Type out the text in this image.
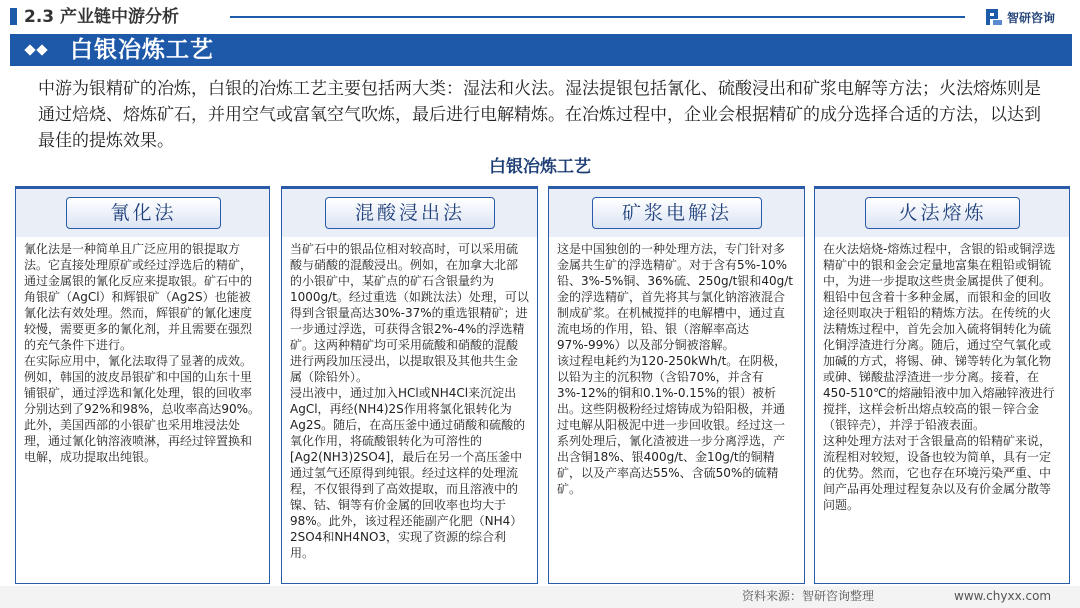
2.3 产业链中游分析	智研咨询
白银冶炼工艺
中游为银精矿的冶炼，白银的冶炼工艺主要包括两大类：湿法和火法。湿法提银包括氰化、硫酸浸出和矿浆电解等方法；火法熔炼则是通过焙烧、熔炼矿石，并用空气或富氧空气吹炼，最后进行电解精炼。在冶炼过程中，企业会根据精矿的成分选择合适的方法，以达到最佳的提炼效果。
白银冶炼工艺
氰化法

氰化法是一种简单且广泛应用的银提取方法。它直接处理原矿或经过浮选后的精矿，通过金属银的氰化反应来提取银。矿石中的角银矿（AgCl）和辉银矿（Ag2S）也能被氰化法有效处理。然而，辉银矿的氰化速度较慢，需要更多的氰化剂，并且需要在强烈的充气条件下进行。

在实际应用中，氰化法取得了显著的成效。例如，韩国的波皮昂银矿和中国的山东十里铺银矿，通过浮选和氰化处理，银的回收率分别达到了92%和98%，总收率高达90%。此外，美国西部的小银矿也采用堆浸法处理，通过氰化钠溶液喷淋，再经过锌置换和电解，成功提取出纯银。

混酸浸出法

当矿石中的银品位相对较高时，可以采用硫酸与硝酸的混酸浸出。例如，在加拿大北部的小银矿中，某矿点的矿石含银量约为1000g/t。经过重选（如跳汰法）处理，可以得到含银量高达30%-37%的重选银精矿；进一步通过浮选，可获得含银2%-4%的浮选精矿。这两种精矿均可采用硫酸和硝酸的混酸进行两段加压浸出，以提取银及其他共生金属（除铅外）。

浸出液中，通过加入HCl或NH4Cl来沉淀出AgCl，再经(NH4)2S作用将氯化银转化为Ag2S。随后，在高压釜中通过硝酸和硫酸的氧化作用，将硫酸银转化为可溶性的[Ag2(NH3)2SO4]，最后在另一个高压釜中通过氢气还原得到纯银。经过这样的处理流程，不仅银得到了高效提取，而且溶液中的镍、钴、铜等有价金属的回收率也均大于98%。此外，该过程还能副产化肥（NH4）2SO4和NH4NO3，实现了资源的综合利用。

矿浆电解法

这是中国独创的一种处理方法，专门针对多金属共生矿的浮选精矿。对于含有5%-10%铅、3%-5%铜、36%硫、250g/t银和40g/t金的浮选精矿，首先将其与氯化钠溶液混合制成矿浆。在机械搅拌的电解槽中，通过直流电场的作用，铅、银（溶解率高达97%-99%）以及部分铜被溶解。

该过程电耗约为120-250kWh/t。在阴极，以铅为主的沉积物（含铅70%，并含有3%-12%的铜和0.1%-0.15%的银）被析出。这些阴极粉经过熔铸成为铅阳极，并通过电解从阳极泥中进一步回收银。经过这一系列处理后，氰化渣被进一步分离浮选，产出含铜18%、银400g/t、金10g/t的铜精矿，以及产率高达55%、含硫50%的硫精矿。

火法熔炼

在火法焙烧-熔炼过程中，含银的铅或铜浮选精矿中的银和金会定量地富集在粗铅或铜锍中，为进一步提取这些贵金属提供了便利。

粗铅中包含着十多种金属，而银和金的回收途径则取决于粗铅的精炼方法。在传统的火法精炼过程中，首先会加入硫将铜转化为硫化铜浮渣进行分离。随后，通过空气氧化或加碱的方式，将锡、砷、锑等转化为氧化物或砷、锑酸盐浮渣进一步分离。接着，在450-510℃的熔融铅液中加入熔融锌液进行搅拌，这样会析出熔点较高的银－锌合金（银锌壳），并浮于铅液表面。

这种处理方法对于含银量高的铅精矿来说，流程相对较短，设备也较为简单，具有一定的优势。然而，它也存在环境污染严重、中间产品再处理过程复杂以及有价金属分散等问题。

资料来源：智研咨询整理	www.chyxx.com
